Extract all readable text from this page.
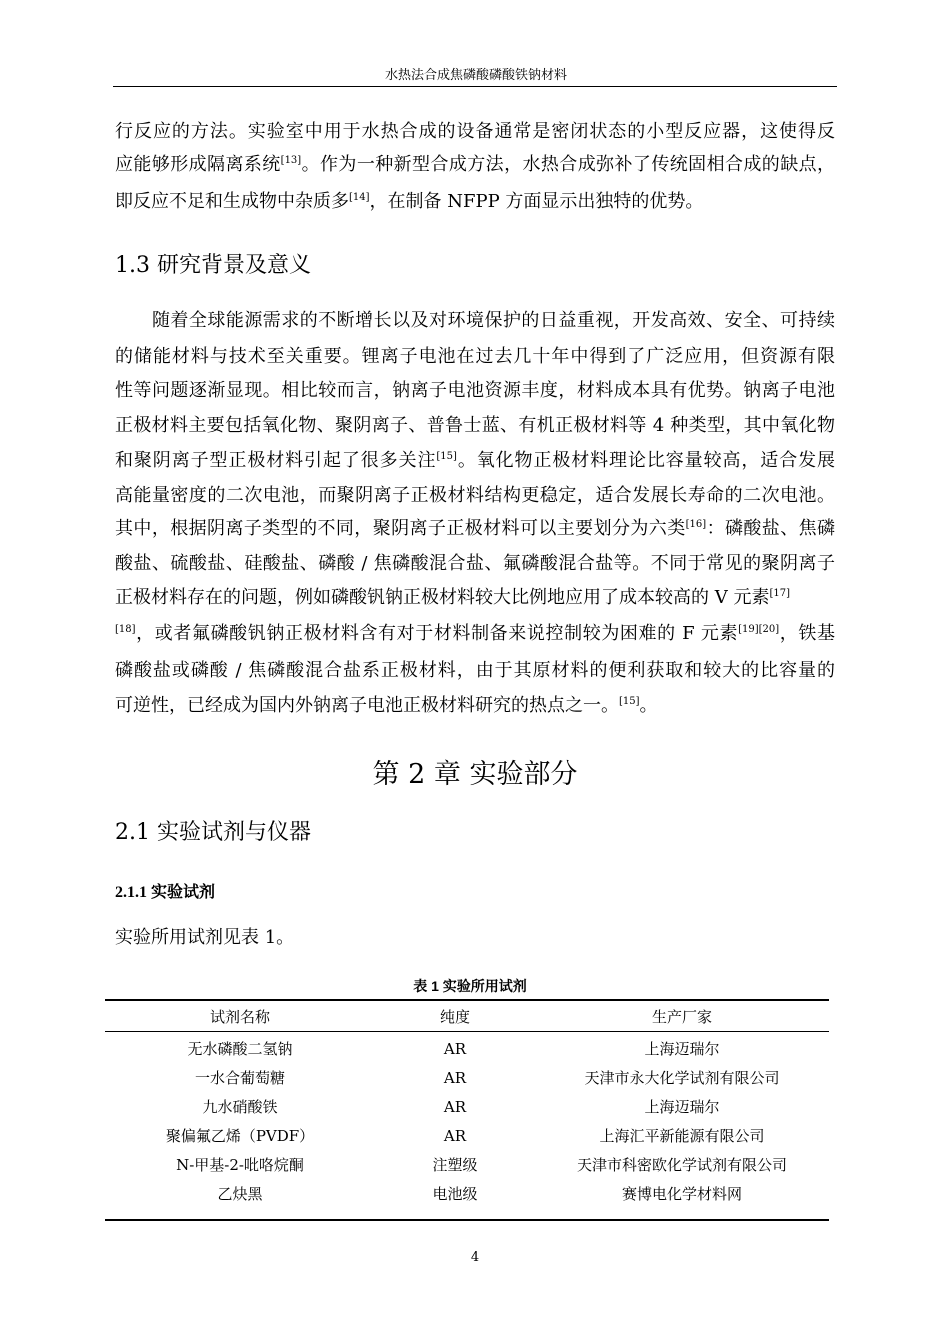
水热法合成焦磷酸磷酸铁钠材料
行反应的方法。实验室中用于水热合成的设备通常是密闭状态的小型反应器，这使得反
应能够形成隔离系统[13]。作为一种新型合成方法，水热合成弥补了传统固相合成的缺点，
即反应不足和生成物中杂质多[14]，在制备 NFPP 方面显示出独特的优势。
1.3 研究背景及意义
　　随着全球能源需求的不断增长以及对环境保护的日益重视，开发高效、安全、可持续
的储能材料与技术至关重要。锂离子电池在过去几十年中得到了广泛应用，但资源有限
性等问题逐渐显现。相比较而言，钠离子电池资源丰度，材料成本具有优势。钠离子电池
正极材料主要包括氧化物、聚阴离子、普鲁士蓝、有机正极材料等 4 种类型，其中氧化物
和聚阴离子型正极材料引起了很多关注[15]。氧化物正极材料理论比容量较高，适合发展
高能量密度的二次电池，而聚阴离子正极材料结构更稳定，适合发展长寿命的二次电池。
其中，根据阴离子类型的不同，聚阴离子正极材料可以主要划分为六类[16]：磷酸盐、焦磷
酸盐、硫酸盐、硅酸盐、磷酸 / 焦磷酸混合盐、氟磷酸混合盐等。不同于常见的聚阴离子
正极材料存在的问题，例如磷酸钒钠正极材料较大比例地应用了成本较高的 V 元素[17]
[18]，或者氟磷酸钒钠正极材料含有对于材料制备来说控制较为困难的 F 元素[19][20]，铁基
磷酸盐或磷酸 / 焦磷酸混合盐系正极材料，由于其原材料的便利获取和较大的比容量的
可逆性，已经成为国内外钠离子电池正极材料研究的热点之一。[15]。
第 2 章 实验部分
2.1 实验试剂与仪器
2.1.1 实验试剂
实验所用试剂见表 1。
表 1 实验所用试剂
试剂名称	纯度	生产厂家
无水磷酸二氢钠	AR	上海迈瑞尔
一水合葡萄糖	AR	天津市永大化学试剂有限公司
九水硝酸铁	AR	上海迈瑞尔
聚偏氟乙烯（PVDF）	AR	上海汇平新能源有限公司
N-甲基-2-吡咯烷酮	注塑级	天津市科密欧化学试剂有限公司
乙炔黑	电池级	赛博电化学材料网
4
